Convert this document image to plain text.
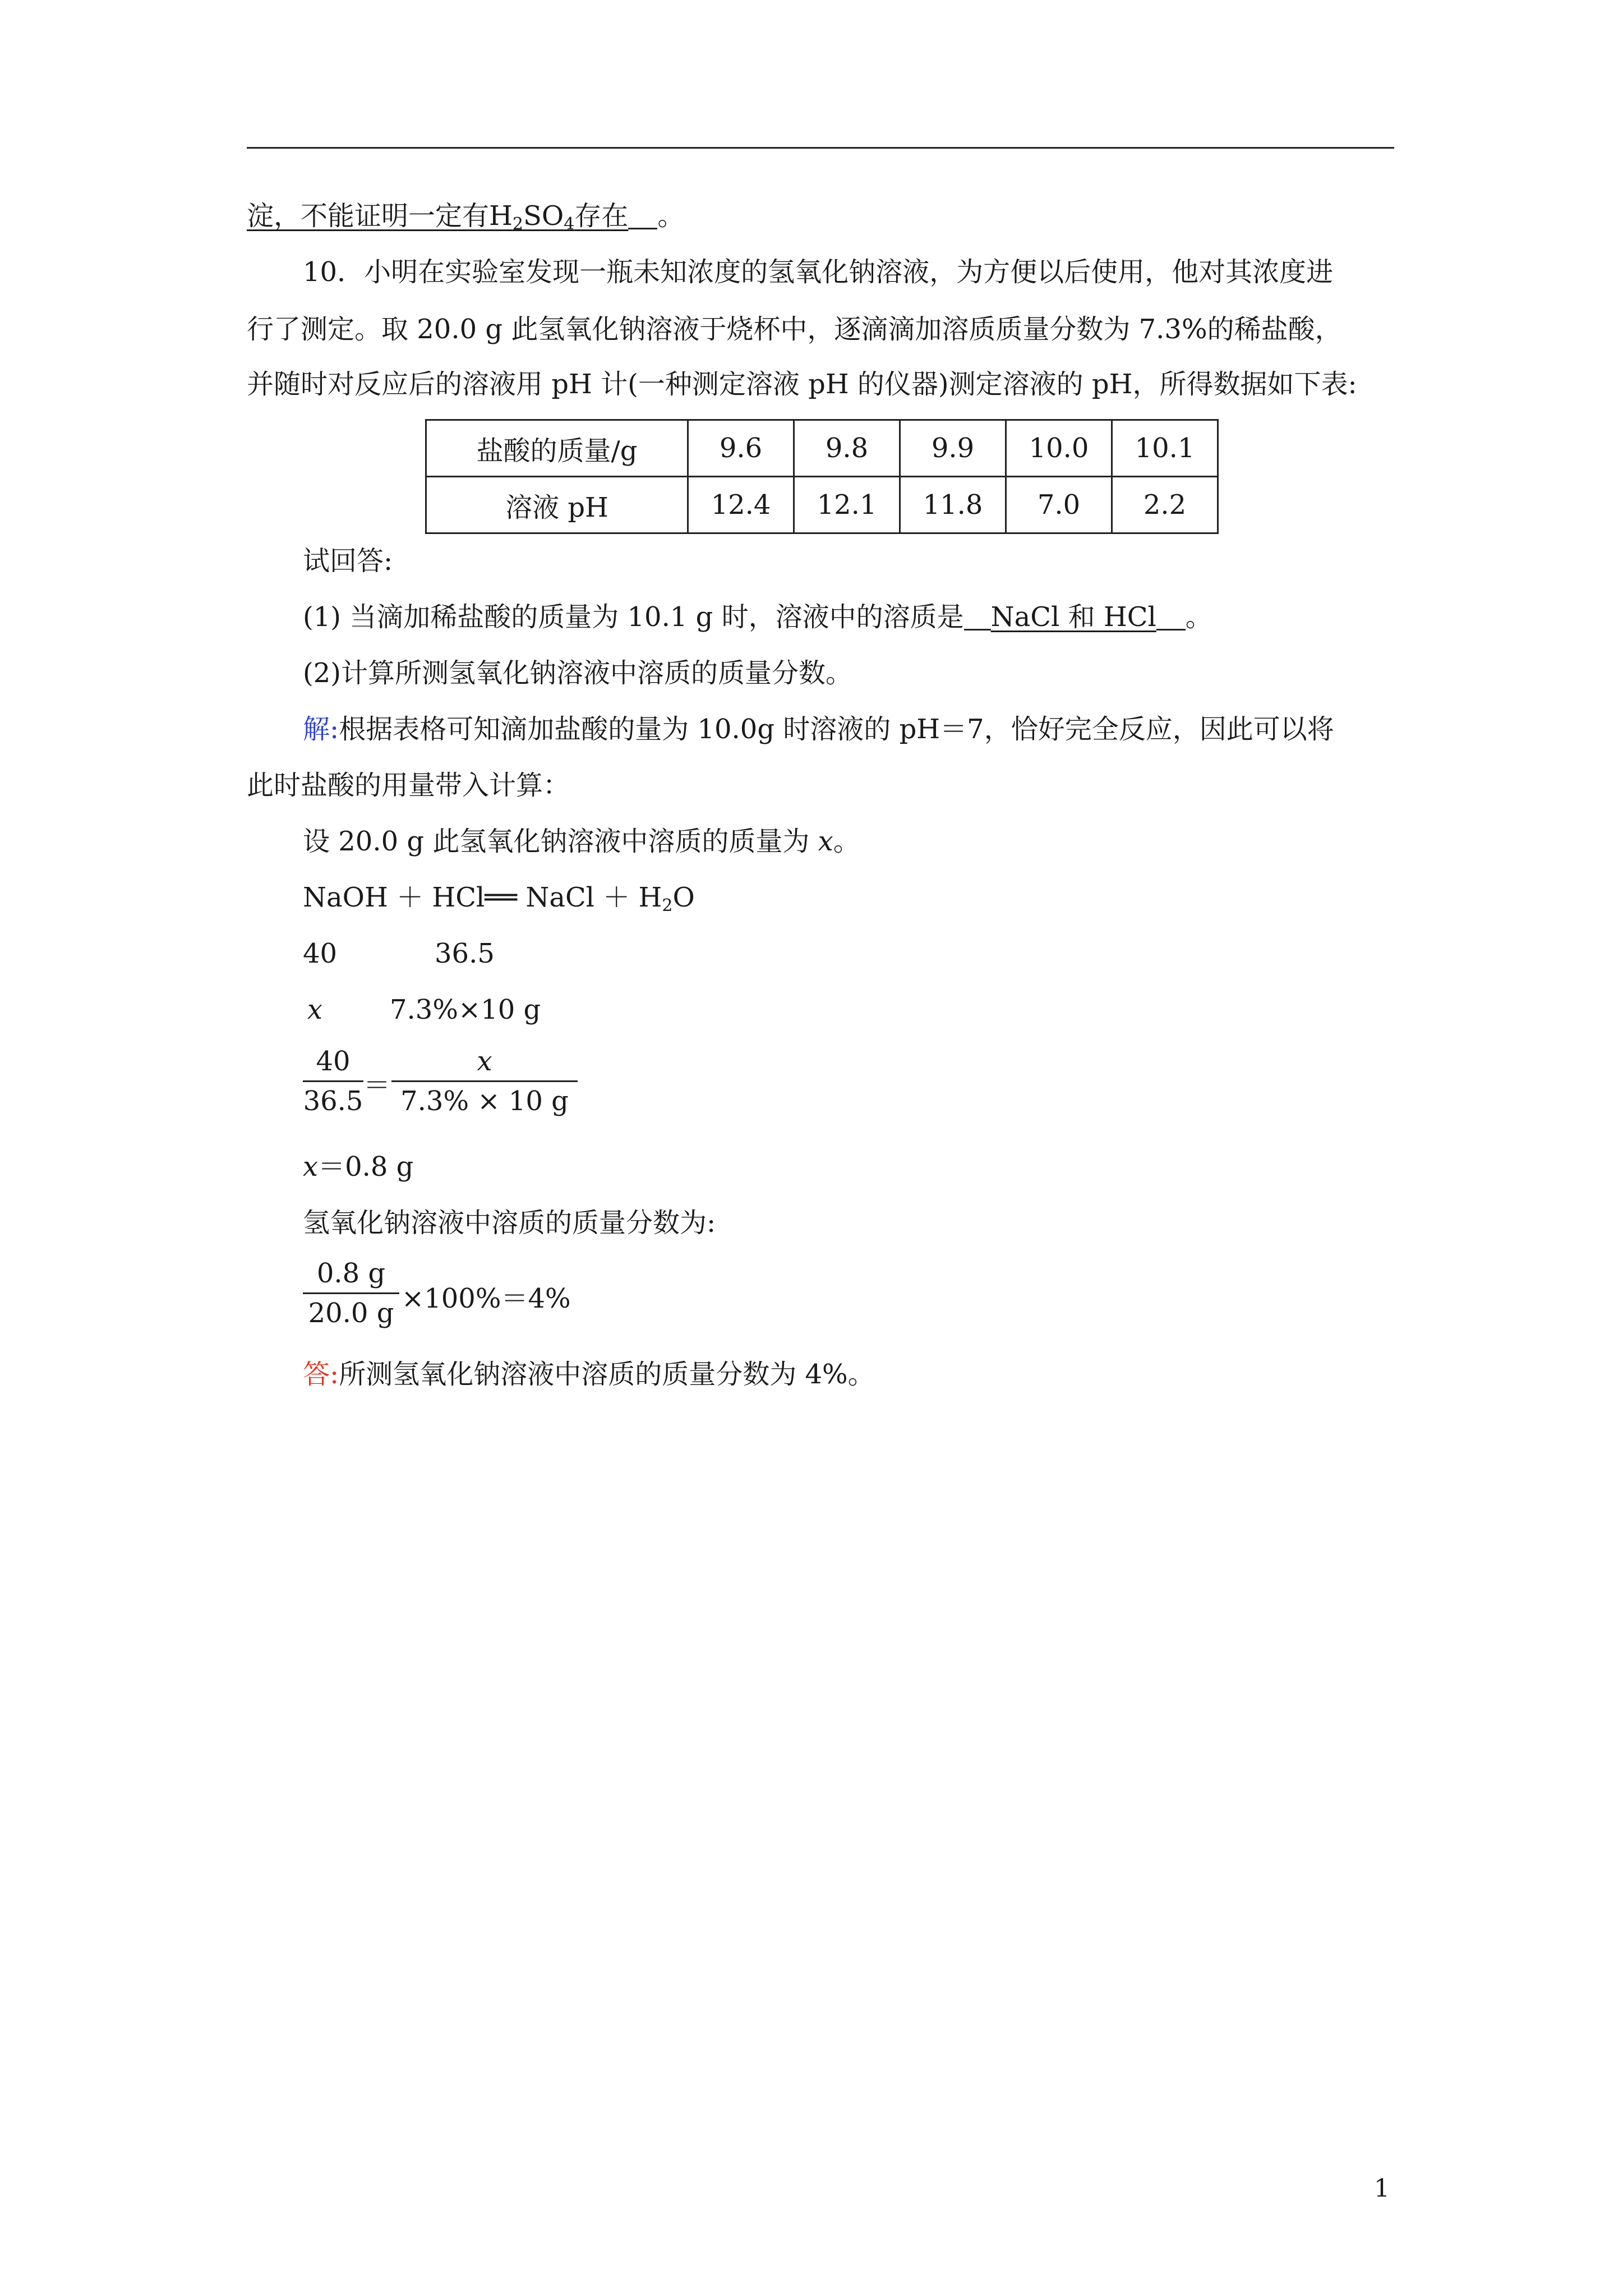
淀，不能证明一定有$H_2SO_4$存在 。
10．小明在实验室发现一瓶未知浓度的氢氧化钠溶液，为方便以后使用，他对其浓度进
行了测定。取 20.0 g 此氢氧化钠溶液于烧杯中，逐滴滴加溶质质量分数为 7.3%的稀盐酸，
并随时对反应后的溶液用 pH 计(一种测定溶液 pH 的仪器)测定溶液的 pH，所得数据如下表:
盐酸的质量/g	9.6	9.8	9.9	10.0	10.1
溶液 pH	12.4	12.1	11.8	7.0	2.2
试回答:
(1) 当滴加稀盐酸的质量为 10.1 g 时，溶液中的溶质是 NaCl 和 HCl 。
(2)计算所测氢氧化钠溶液中溶质的质量分数。
解:根据表格可知滴加盐酸的量为 10.0g 时溶液的 pH＝7，恰好完全反应，因此可以将
此时盐酸的用量带入计算：
设 20.0 g 此氢氧化钠溶液中溶质的质量为 x。
NaOH ＋ HCl══ NaCl ＋ $H_2O$
40	36.5
x 7.3%×10 g
40
36.5 ＝
x
7.3% × 10 g
x＝0.8 g
氢氧化钠溶液中溶质的质量分数为:
0.8 g
20.0 g ×100%＝4%
答:所测氢氧化钠溶液中溶质的质量分数为 4%。
1
